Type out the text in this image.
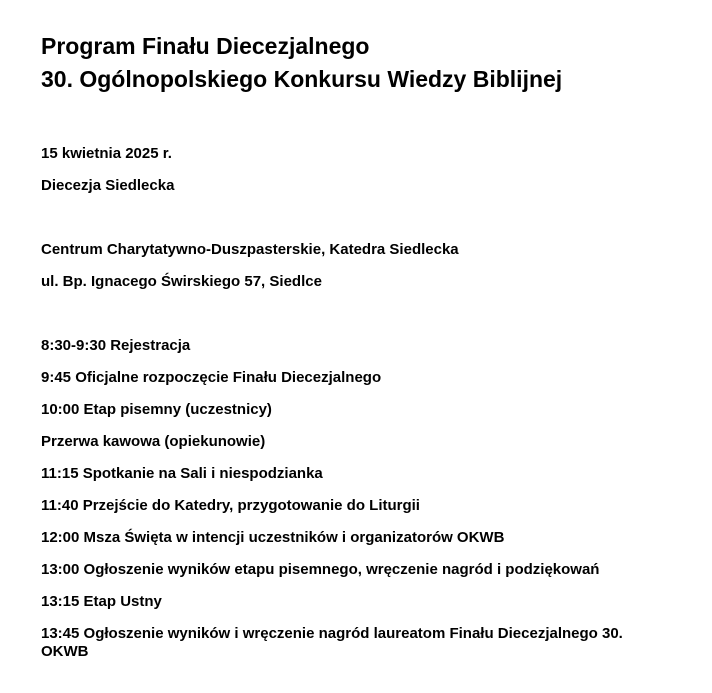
Program Finału Diecezjalnego
30. Ogólnopolskiego Konkursu Wiedzy Biblijnej

15 kwietnia 2025 r.

Diecezja Siedlecka

Centrum Charytatywno-Duszpasterskie, Katedra Siedlecka

ul. Bp. Ignacego Świrskiego 57, Siedlce

8:30-9:30 Rejestracja

9:45 Oficjalne rozpoczęcie Finału Diecezjalnego

10:00 Etap pisemny (uczestnicy)

Przerwa kawowa (opiekunowie)

11:15 Spotkanie na Sali i niespodzianka

11:40 Przejście do Katedry, przygotowanie do Liturgii

12:00 Msza Święta w intencji uczestników i organizatorów OKWB

13:00 Ogłoszenie wyników etapu pisemnego, wręczenie nagród i podziękowań

13:15 Etap Ustny

13:45 Ogłoszenie wyników i wręczenie nagród laureatom Finału Diecezjalnego 30. OKWB
